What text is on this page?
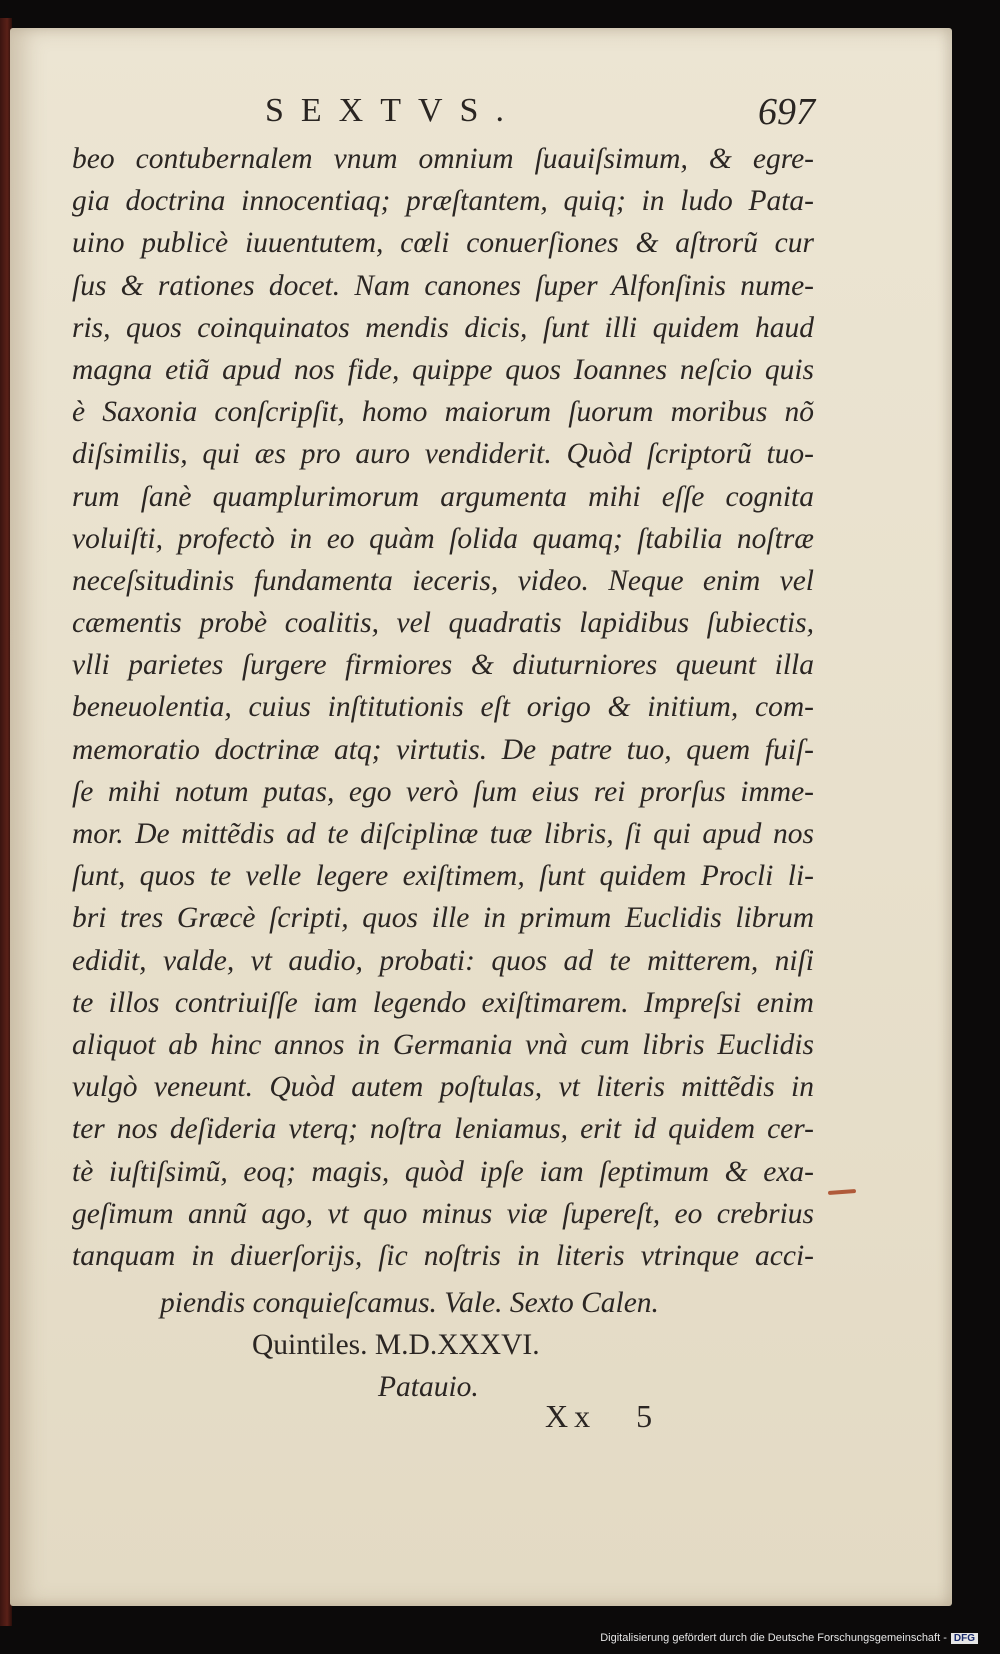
SEXTVS.	697
beo contubernalem vnum omnium ſuauiſsimum, & egre-
gia doctrina innocentiaq; præſtantem, quiq; in ludo Pata-
uino publicè iuuentutem, cœli conuerſiones & aſtrorũ cur
ſus & rationes docet. Nam canones ſuper Alfonſinis nume-
ris, quos coinquinatos mendis dicis, ſunt illi quidem haud
magna etiã apud nos fide, quippe quos Ioannes neſcio quis
è Saxonia conſcripſit, homo maiorum ſuorum moribus nõ
diſsimilis, qui æs pro auro vendiderit. Quòd ſcriptorũ tuo-
rum ſanè quamplurimorum argumenta mihi eſſe cognita
voluiſti, profectò in eo quàm ſolida quamq; ſtabilia noſtræ
neceſsitudinis fundamenta ieceris, video. Neque enim vel
cæmentis probè coalitis, vel quadratis lapidibus ſubiectis,
vlli parietes ſurgere firmiores & diuturniores queunt illa
beneuolentia, cuius inſtitutionis eſt origo & initium, com-
memoratio doctrinæ atq; virtutis. De patre tuo, quem fuiſ-
ſe mihi notum putas, ego verò ſum eius rei prorſus imme-
mor. De mittẽdis ad te diſciplinæ tuæ libris, ſi qui apud nos
ſunt, quos te velle legere exiſtimem, ſunt quidem Procli li-
bri tres Græcè ſcripti, quos ille in primum Euclidis librum
edidit, valde, vt audio, probati: quos ad te mitterem, niſi
te illos contriuiſſe iam legendo exiſtimarem. Impreſsi enim
aliquot ab hinc annos in Germania vnà cum libris Euclidis
vulgò veneunt. Quòd autem poſtulas, vt literis mittẽdis in
ter nos deſideria vterq; noſtra leniamus, erit id quidem cer-
tè iuſtiſsimũ, eoq; magis, quòd ipſe iam ſeptimum & exa-
geſimum annũ ago, vt quo minus viæ ſupereſt, eo crebrius
tanquam in diuerſorijs, ſic noſtris in literis vtrinque acci-
piendis conquieſcamus. Vale. Sexto Calen.
Quintiles. M.D.XXXVI.
Patauio.
Xx 5
Digitalisierung gefördert durch die Deutsche Forschungsgemeinschaft - DFG
